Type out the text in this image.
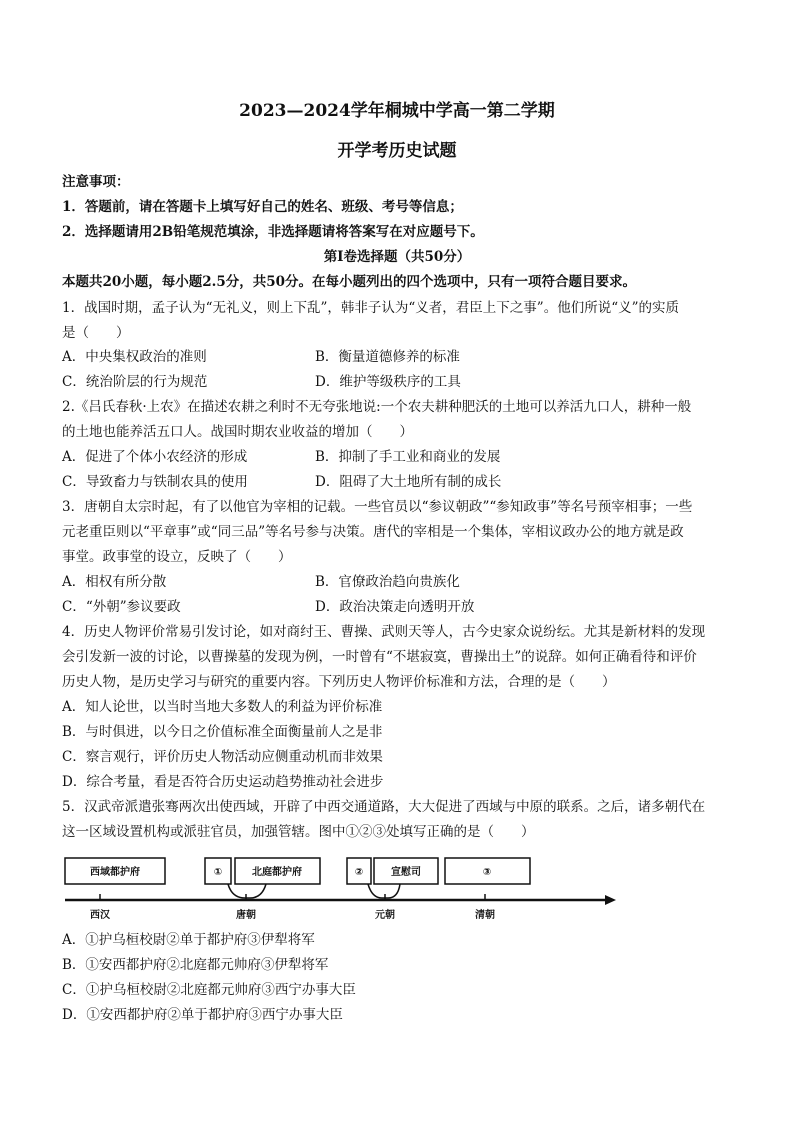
2023—2024学年桐城中学高一第二学期
开学考历史试题
注意事项：
1．答题前，请在答题卡上填写好自己的姓名、班级、考号等信息；
2．选择题请用2B铅笔规范填涂，非选择题请将答案写在对应题号下。
第Ⅰ卷选择题（共50分）
本题共20小题，每小题2.5分，共50分。在每小题列出的四个选项中，只有一项符合题目要求。
1．战国时期，孟子认为“无礼义，则上下乱”，韩非子认为“义者，君臣上下之事”。他们所说“义”的实质
是（　　）
A．中央集权政治的准则	B．衡量道德修养的标准
C．统治阶层的行为规范	D．维护等级秩序的工具
2.《吕氏春秋·上农》在描述农耕之利时不无夸张地说:一个农夫耕种肥沃的土地可以养活九口人，耕种一般
的土地也能养活五口人。战国时期农业收益的增加（　　）
A．促进了个体小农经济的形成	B．抑制了手工业和商业的发展
C．导致畜力与铁制农具的使用	D．阻碍了大土地所有制的成长
3．唐朝自太宗时起，有了以他官为宰相的记载。一些官员以“参议朝政”“参知政事”等名号预宰相事；一些
元老重臣则以“平章事”或“同三品”等名号参与决策。唐代的宰相是一个集体，宰相议政办公的地方就是政
事堂。政事堂的设立，反映了（　　）
A．相权有所分散	B．官僚政治趋向贵族化
C．“外朝”参议要政	D．政治决策走向透明开放
4．历史人物评价常易引发讨论，如对商纣王、曹操、武则天等人，古今史家众说纷纭。尤其是新材料的发现
会引发新一波的讨论，以曹操墓的发现为例，一时曾有“不堪寂寞，曹操出土”的说辞。如何正确看待和评价
历史人物，是历史学习与研究的重要内容。下列历史人物评价标准和方法，合理的是（　　）
A．知人论世，以当时当地大多数人的利益为评价标准
B．与时俱进，以今日之价值标准全面衡量前人之是非
C．察言观行，评价历史人物活动应侧重动机而非效果
D．综合考量，看是否符合历史运动趋势推动社会进步
5．汉武帝派遣张骞两次出使西域，开辟了中西交通道路，大大促进了西域与中原的联系。之后，诸多朝代在
这一区域设置机构或派驻官员，加强管辖。图中①②③处填写正确的是（　　）
西域都护府	①	北庭都护府	②	宣慰司	③
西汉	唐朝	元朝	清朝
A．①护乌桓校尉②单于都护府③伊犁将军
B．①安西都护府②北庭都元帅府③伊犁将军
C．①护乌桓校尉②北庭都元帅府③西宁办事大臣
D．①安西都护府②单于都护府③西宁办事大臣
